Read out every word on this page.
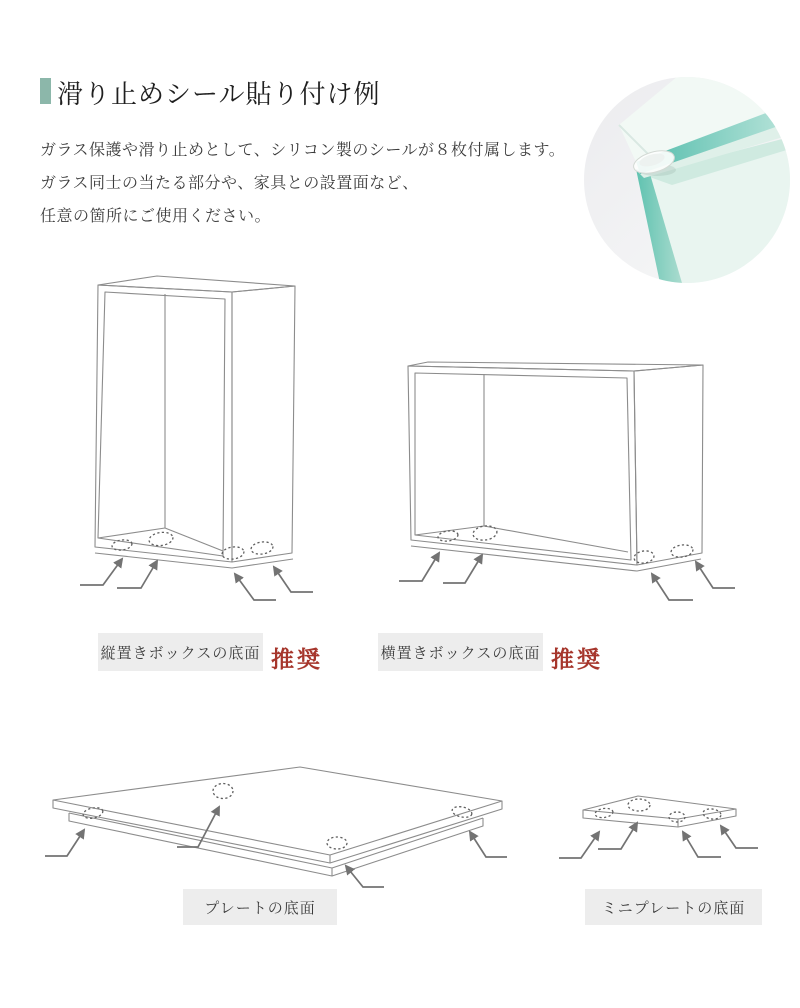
滑り止めシール貼り付け例
ガラス保護や滑り止めとして、シリコン製のシールが８枚付属します。
ガラス同士の当たる部分や、家具との設置面など、
任意の箇所にご使用ください。
縦置きボックスの底面 推奨	横置きボックスの底面 推奨
プレートの底面	ミニプレートの底面
